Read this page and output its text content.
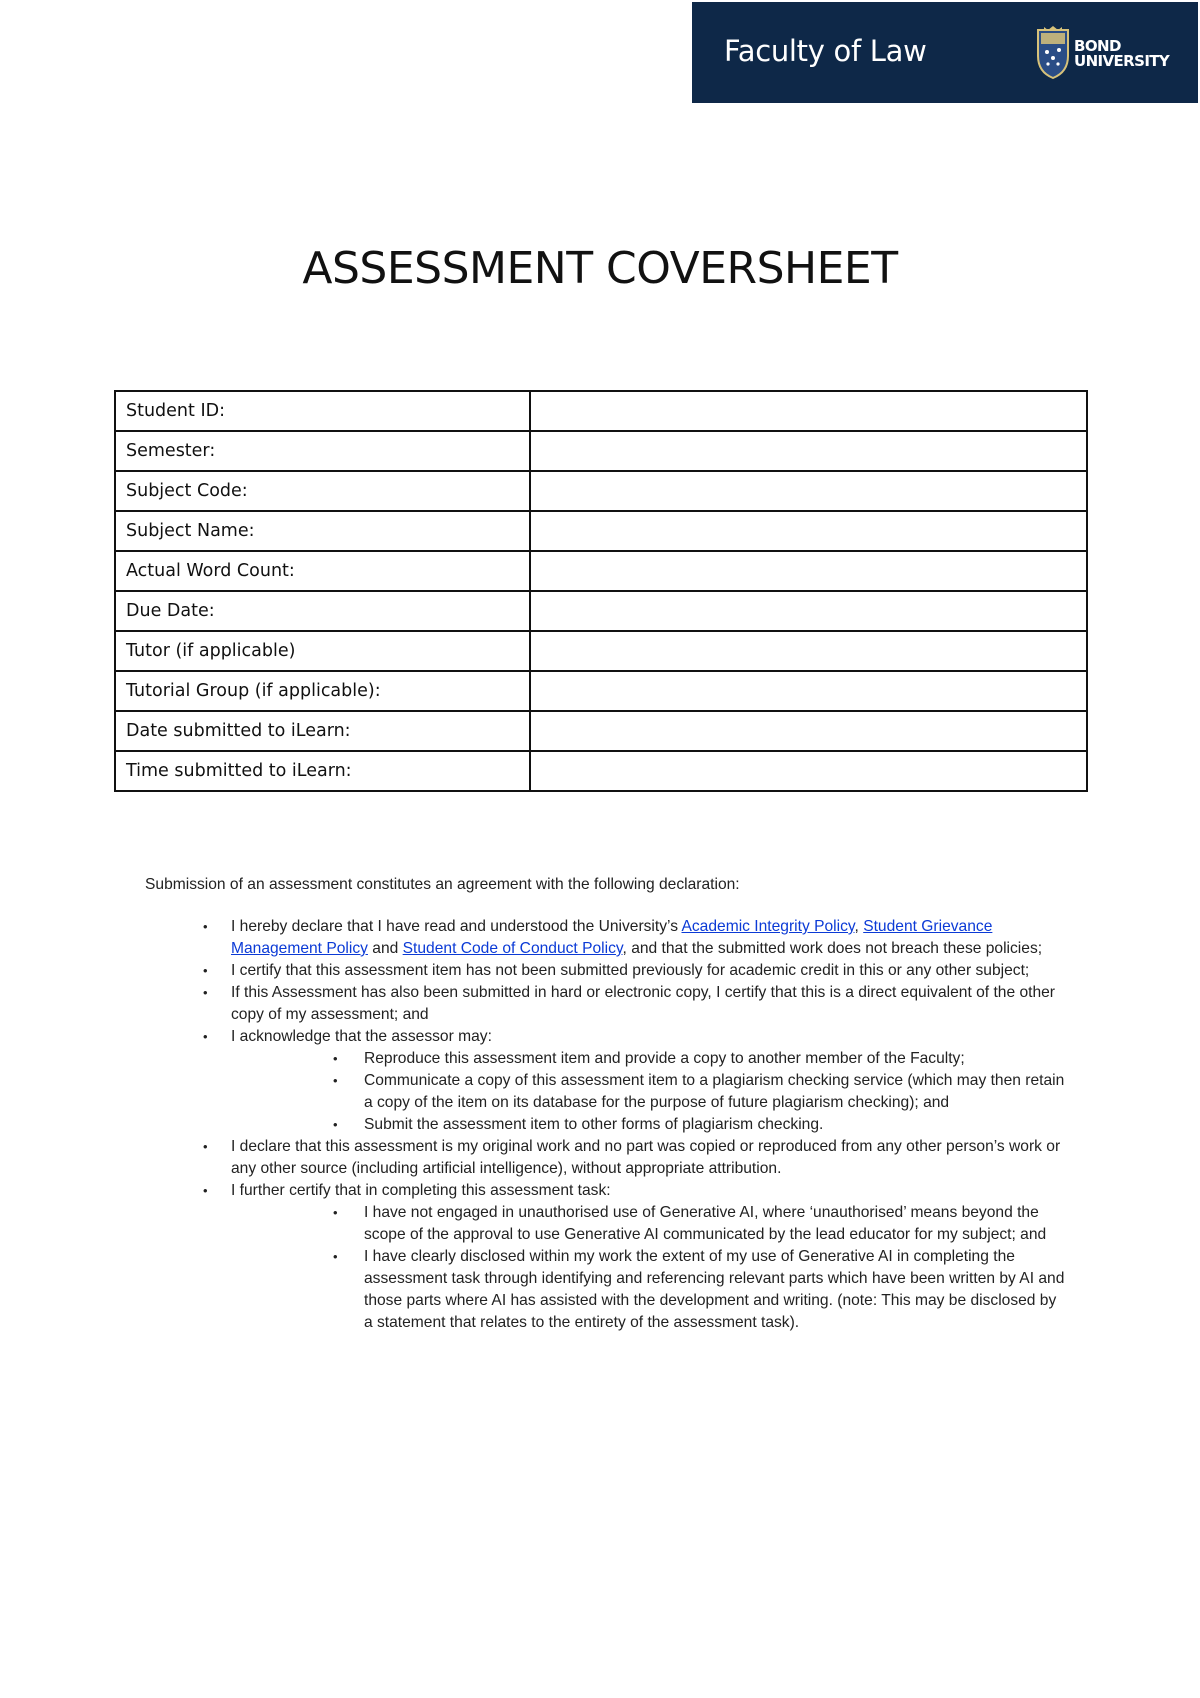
Faculty of Law	BOND
UNIVERSITY
ASSESSMENT COVERSHEET
Student ID:	
Semester:	
Subject Code:	
Subject Name:	
Actual Word Count:	
Due Date:	
Tutor (if applicable)	
Tutorial Group (if applicable):	
Date submitted to iLearn:	
Time submitted to iLearn:	

Submission of an assessment constitutes an agreement with the following declaration:

• I hereby declare that I have read and understood the University’s Academic Integrity Policy, Student Grievance Management Policy and Student Code of Conduct Policy, and that the submitted work does not breach these policies;
• I certify that this assessment item has not been submitted previously for academic credit in this or any other subject;
• If this Assessment has also been submitted in hard or electronic copy, I certify that this is a direct equivalent of the other copy of my assessment; and
• I acknowledge that the assessor may:
• Reproduce this assessment item and provide a copy to another member of the Faculty;
• Communicate a copy of this assessment item to a plagiarism checking service (which may then retain a copy of the item on its database for the purpose of future plagiarism checking); and
• Submit the assessment item to other forms of plagiarism checking.
• I declare that this assessment is my original work and no part was copied or reproduced from any other person’s work or any other source (including artificial intelligence), without appropriate attribution.
• I further certify that in completing this assessment task:
• I have not engaged in unauthorised use of Generative AI, where ‘unauthorised’ means beyond the scope of the approval to use Generative AI communicated by the lead educator for my subject; and
• I have clearly disclosed within my work the extent of my use of Generative AI in completing the assessment task through identifying and referencing relevant parts which have been written by AI and those parts where AI has assisted with the development and writing. (note: This may be disclosed by a statement that relates to the entirety of the assessment task).
